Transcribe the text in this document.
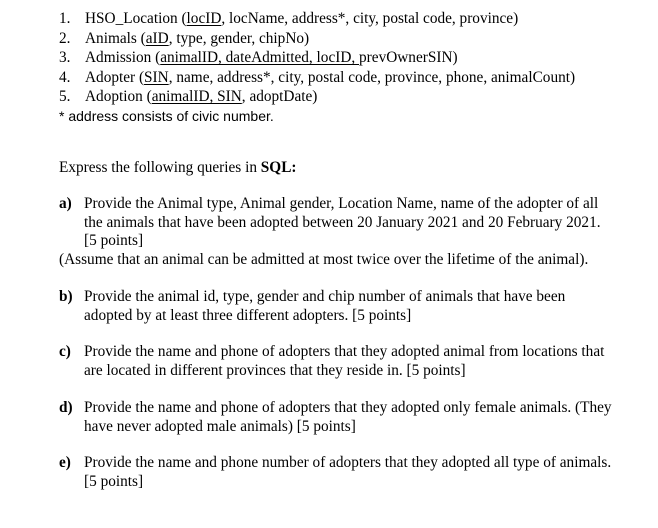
1. HSO_Location (locID, locName, address*, city, postal code, province)
2. Animals (aID, type, gender, chipNo)
3. Admission (animalID, dateAdmitted, locID, prevOwnerSIN)
4. Adopter (SIN, name, address*, city, postal code, province, phone, animalCount)
5. Adoption (animalID, SIN, adoptDate)
* address consists of civic number.
Express the following queries in SQL:
a) Provide the Animal type, Animal gender, Location Name, name of the adopter of all
the animals that have been adopted between 20 January 2021 and 20 February 2021.
[5 points]
(Assume that an animal can be admitted at most twice over the lifetime of the animal).
b) Provide the animal id, type, gender and chip number of animals that have been
adopted by at least three different adopters. [5 points]
c) Provide the name and phone of adopters that they adopted animal from locations that
are located in different provinces that they reside in. [5 points]
d) Provide the name and phone of adopters that they adopted only female animals. (They
have never adopted male animals) [5 points]
e) Provide the name and phone number of adopters that they adopted all type of animals.
[5 points]
